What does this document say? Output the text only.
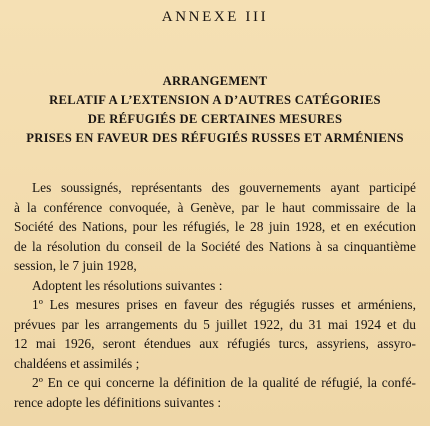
ANNEXE III
ARRANGEMENT
RELATIF A L’EXTENSION A D’AUTRES CATÉGORIES
DE RÉFUGIÉS DE CERTAINES MESURES
PRISES EN FAVEUR DES RÉFUGIÉS RUSSES ET ARMÉNIENS
Les soussignés, représentants des gouvernements ayant participé
à la conférence convoquée, à Genève, par le haut commissaire de la
Société des Nations, pour les réfugiés, le 28 juin 1928, et en exécution
de la résolution du conseil de la Société des Nations à sa cinquantième
session, le 7 juin 1928,
Adoptent les résolutions suivantes :
1º Les mesures prises en faveur des régugiés russes et arméniens,
prévues par les arrangements du 5 juillet 1922, du 31 mai 1924 et du
12 mai 1926, seront étendues aux réfugiés turcs, assyriens, assyro-
chaldéens et assimilés ;
2º En ce qui concerne la définition de la qualité de réfugié, la confé-
rence adopte les définitions suivantes :
